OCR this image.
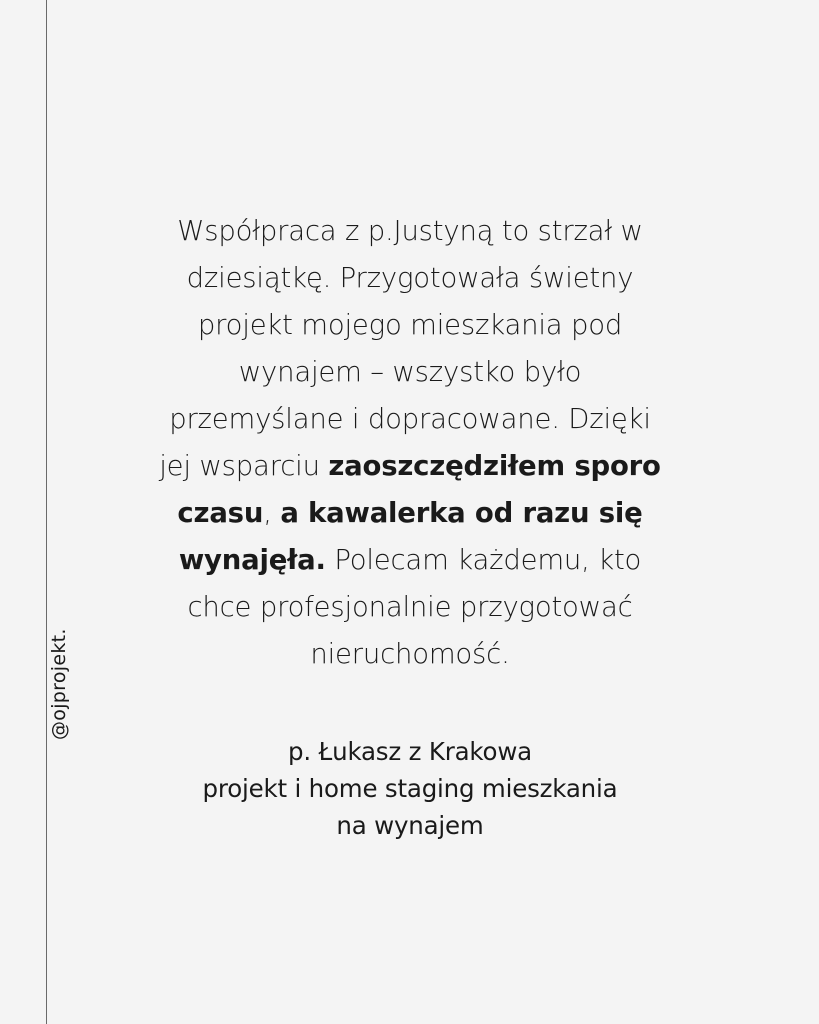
@ojprojekt.
Współpraca z p.Justyną to strzał w
dziesiątkę. Przygotowała świetny
projekt mojego mieszkania pod
wynajem – wszystko było
przemyślane i dopracowane. Dzięki
jej wsparciu zaoszczędziłem sporo
czasu, a kawalerka od razu się
wynajęła. Polecam każdemu, kto
chce profesjonalnie przygotować
nieruchomość.
p. Łukasz z Krakowa
projekt i home staging mieszkania
na wynajem
